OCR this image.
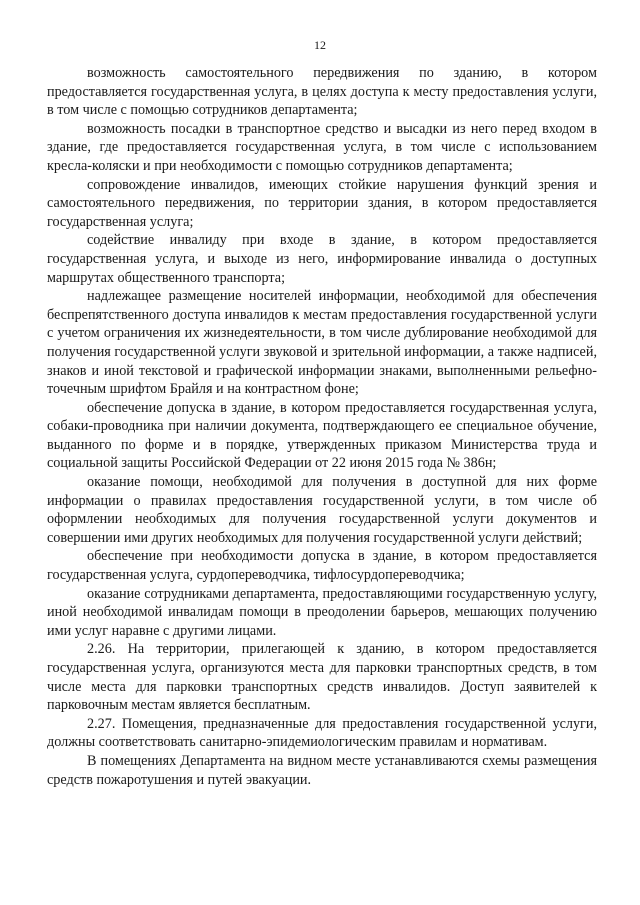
12

возможность самостоятельного передвижения по зданию, в котором предоставляется государственная услуга, в целях доступа к месту предоставления услуги, в том числе с помощью сотрудников департамента;

возможность посадки в транспортное средство и высадки из него перед входом в здание, где предоставляется государственная услуга, в том числе с использованием кресла-коляски и при необходимости с помощью сотрудников департамента;

сопровождение инвалидов, имеющих стойкие нарушения функций зрения и самостоятельного передвижения, по территории здания, в котором предоставляется государственная услуга;

содействие инвалиду при входе в здание, в котором предоставляется государственная услуга, и выходе из него, информирование инвалида о доступных маршрутах общественного транспорта;

надлежащее размещение носителей информации, необходимой для обеспечения беспрепятственного доступа инвалидов к местам предоставления государственной услуги с учетом ограничения их жизнедеятельности, в том числе дублирование необходимой для получения государственной услуги звуковой и зрительной информации, а также надписей, знаков и иной текстовой и графической информации знаками, выполненными рельефно-точечным шрифтом Брайля и на контрастном фоне;

обеспечение допуска в здание, в котором предоставляется государственная услуга, собаки-проводника при наличии документа, подтверждающего ее специальное обучение, выданного по форме и в порядке, утвержденных приказом Министерства труда и социальной защиты Российской Федерации от 22 июня 2015 года № 386н;

оказание помощи, необходимой для получения в доступной для них форме информации о правилах предоставления государственной услуги, в том числе об оформлении необходимых для получения государственной услуги документов и совершении ими других необходимых для получения государственной услуги действий;

обеспечение при необходимости допуска в здание, в котором предоставляется государственная услуга, сурдопереводчика, тифлосурдопереводчика;

оказание сотрудниками департамента, предоставляющими государственную услугу, иной необходимой инвалидам помощи в преодолении барьеров, мешающих получению ими услуг наравне с другими лицами.

2.26. На территории, прилегающей к зданию, в котором предоставляется государственная услуга, организуются места для парковки транспортных средств, в том числе места для парковки транспортных средств инвалидов. Доступ заявителей к парковочным местам является бесплатным.

2.27. Помещения, предназначенные для предоставления государственной услуги, должны соответствовать санитарно-эпидемиологическим правилам и нормативам.

В помещениях Департамента на видном месте устанавливаются схемы размещения средств пожаротушения и путей эвакуации.
